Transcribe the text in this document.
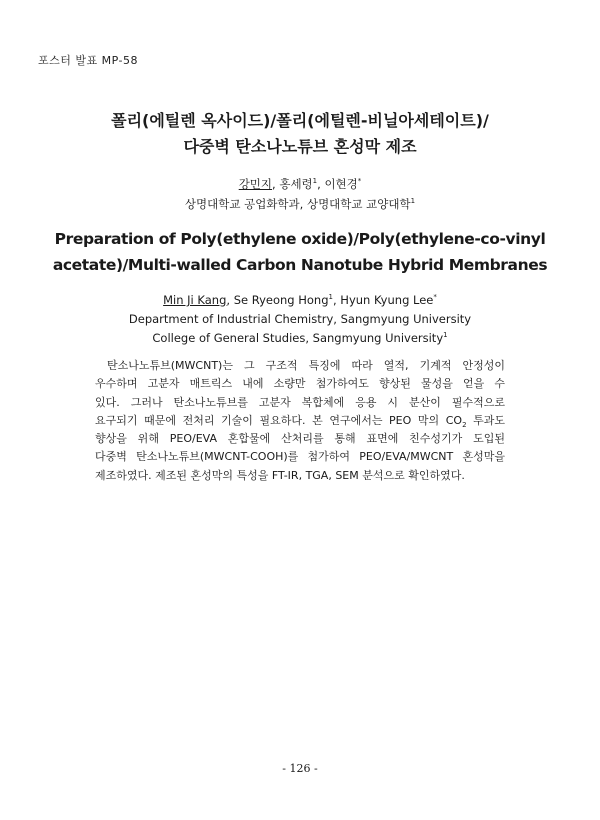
포스터 발표 MP-58
폴리(에틸렌 옥사이드)/폴리(에틸렌-비닐아세테이트)/
다중벽 탄소나노튜브 혼성막 제조
강민지, 홍세령$^1$, 이현경*
상명대학교 공업화학과, 상명대학교 교양대학$^1$
Preparation of Poly(ethylene oxide)/Poly(ethylene-co-vinyl
acetate)/Multi-walled Carbon Nanotube Hybrid Membranes
Min Ji Kang, Se Ryeong Hong$^1$, Hyun Kyung Lee*
Department of Industrial Chemistry, Sangmyung University
College of General Studies, Sangmyung University$^1$
탄소나노튜브(MWCNT)는 그 구조적 특징에 따라 열적, 기계적 안정성이
우수하며 고분자 매트릭스 내에 소량만 첨가하여도 향상된 물성을 얻을 수
있다. 그러나 탄소나노튜브를 고분자 복합체에 응용 시 분산이 필수적으로
요구되기 때문에 전처리 기술이 필요하다. 본 연구에서는 PEO 막의 $CO_2$ 투과도
향상을 위해 PEO/EVA 혼합물에 산처리를 통해 표면에 친수성기가 도입된
다중벽 탄소나노튜브(MWCNT-COOH)를 첨가하여 PEO/EVA/MWCNT 혼성막을
제조하였다. 제조된 혼성막의 특성을 FT-IR, TGA, SEM 분석으로 확인하였다.
- 126 -
